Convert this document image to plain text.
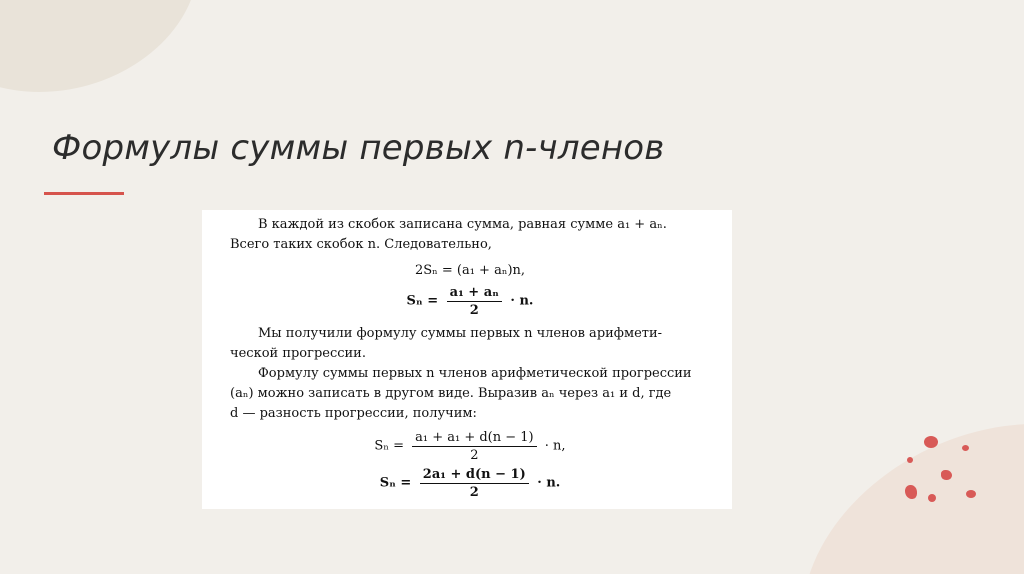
Формулы суммы первых n-членов
В каждой из скобок записана сумма, равная сумме a₁ + aₙ.
Всего таких скобок n. Следовательно,
2Sₙ = (a₁ + aₙ)n,
$S_n = \frac{\text{a₁ + aₙ}}{2} \cdot n$.
Мы получили формулу суммы первых n членов арифмети-
ческой прогрессии.
Формулу суммы первых n членов арифметической прогрессии
(aₙ) можно записать в другом виде. Выразив aₙ через a₁ и d, где
d — разность прогрессии, получим:
$S_n = \frac{\text{a₁ + a₁ + d(n − 1)}}{2} \cdot n$,
$S_n = \frac{\text{2a₁ + d(n − 1)}}{2} \cdot n$.
